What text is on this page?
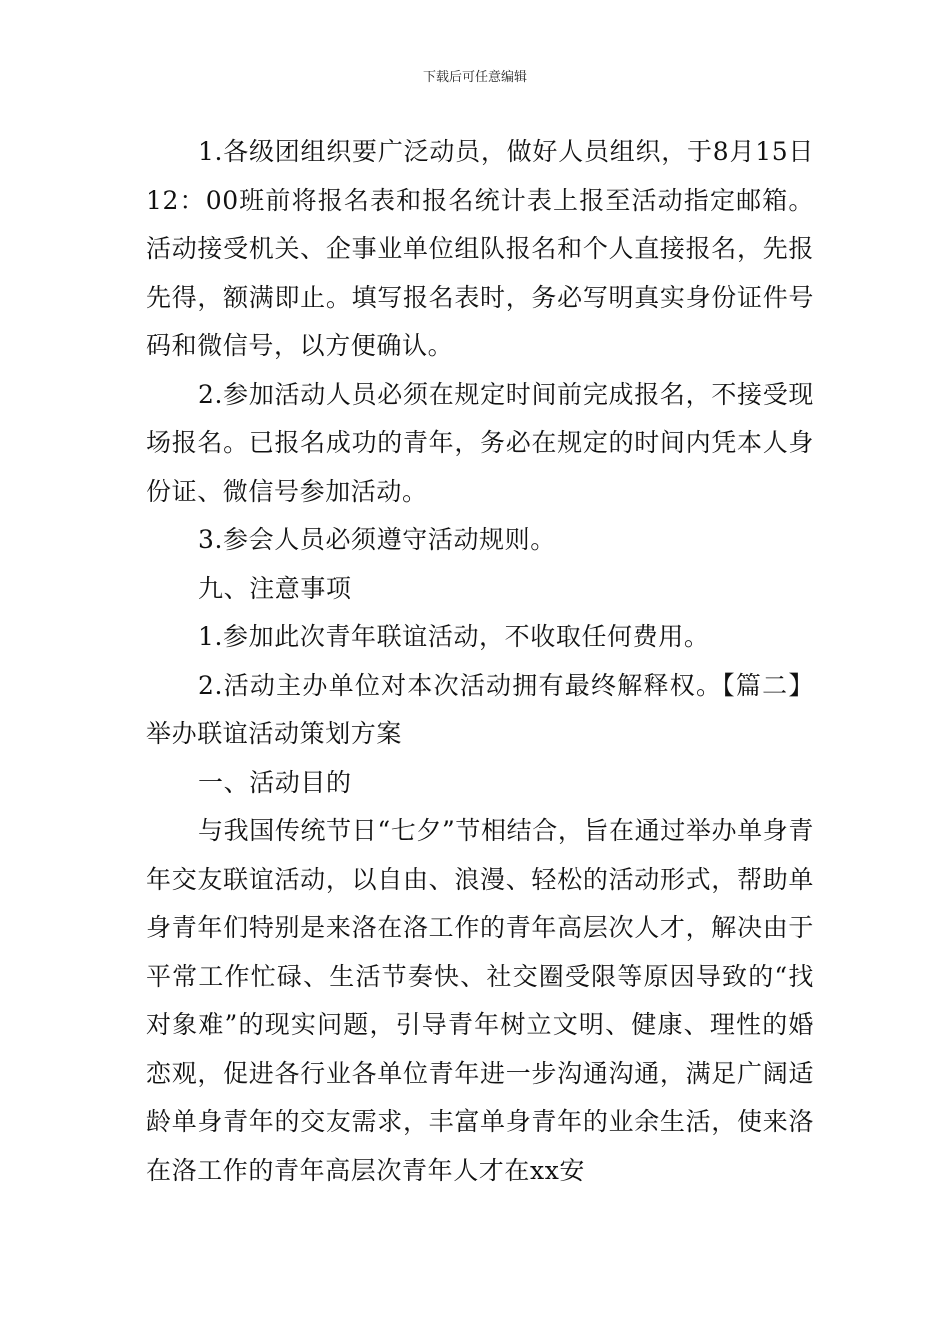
下载后可任意编辑

1.各级团组织要广泛动员，做好人员组织，于8月15日12：00班前将报名表和报名统计表上报至活动指定邮箱。活动接受机关、企事业单位组队报名和个人直接报名，先报先得，额满即止。填写报名表时，务必写明真实身份证件号码和微信号，以方便确认。

2.参加活动人员必须在规定时间前完成报名，不接受现场报名。已报名成功的青年，务必在规定的时间内凭本人身份证、微信号参加活动。

3.参会人员必须遵守活动规则。

九、注意事项

1.参加此次青年联谊活动，不收取任何费用。

2.活动主办单位对本次活动拥有最终解释权。【篇二】举办联谊活动策划方案

一、活动目的

与我国传统节日“七夕”节相结合，旨在通过举办单身青年交友联谊活动，以自由、浪漫、轻松的活动形式，帮助单身青年们特别是来洛在洛工作的青年高层次人才，解决由于平常工作忙碌、生活节奏快、社交圈受限等原因导致的“找对象难”的现实问题，引导青年树立文明、健康、理性的婚恋观，促进各行业各单位青年进一步沟通沟通，满足广阔适龄单身青年的交友需求，丰富单身青年的业余生活，使来洛在洛工作的青年高层次青年人才在xx安
